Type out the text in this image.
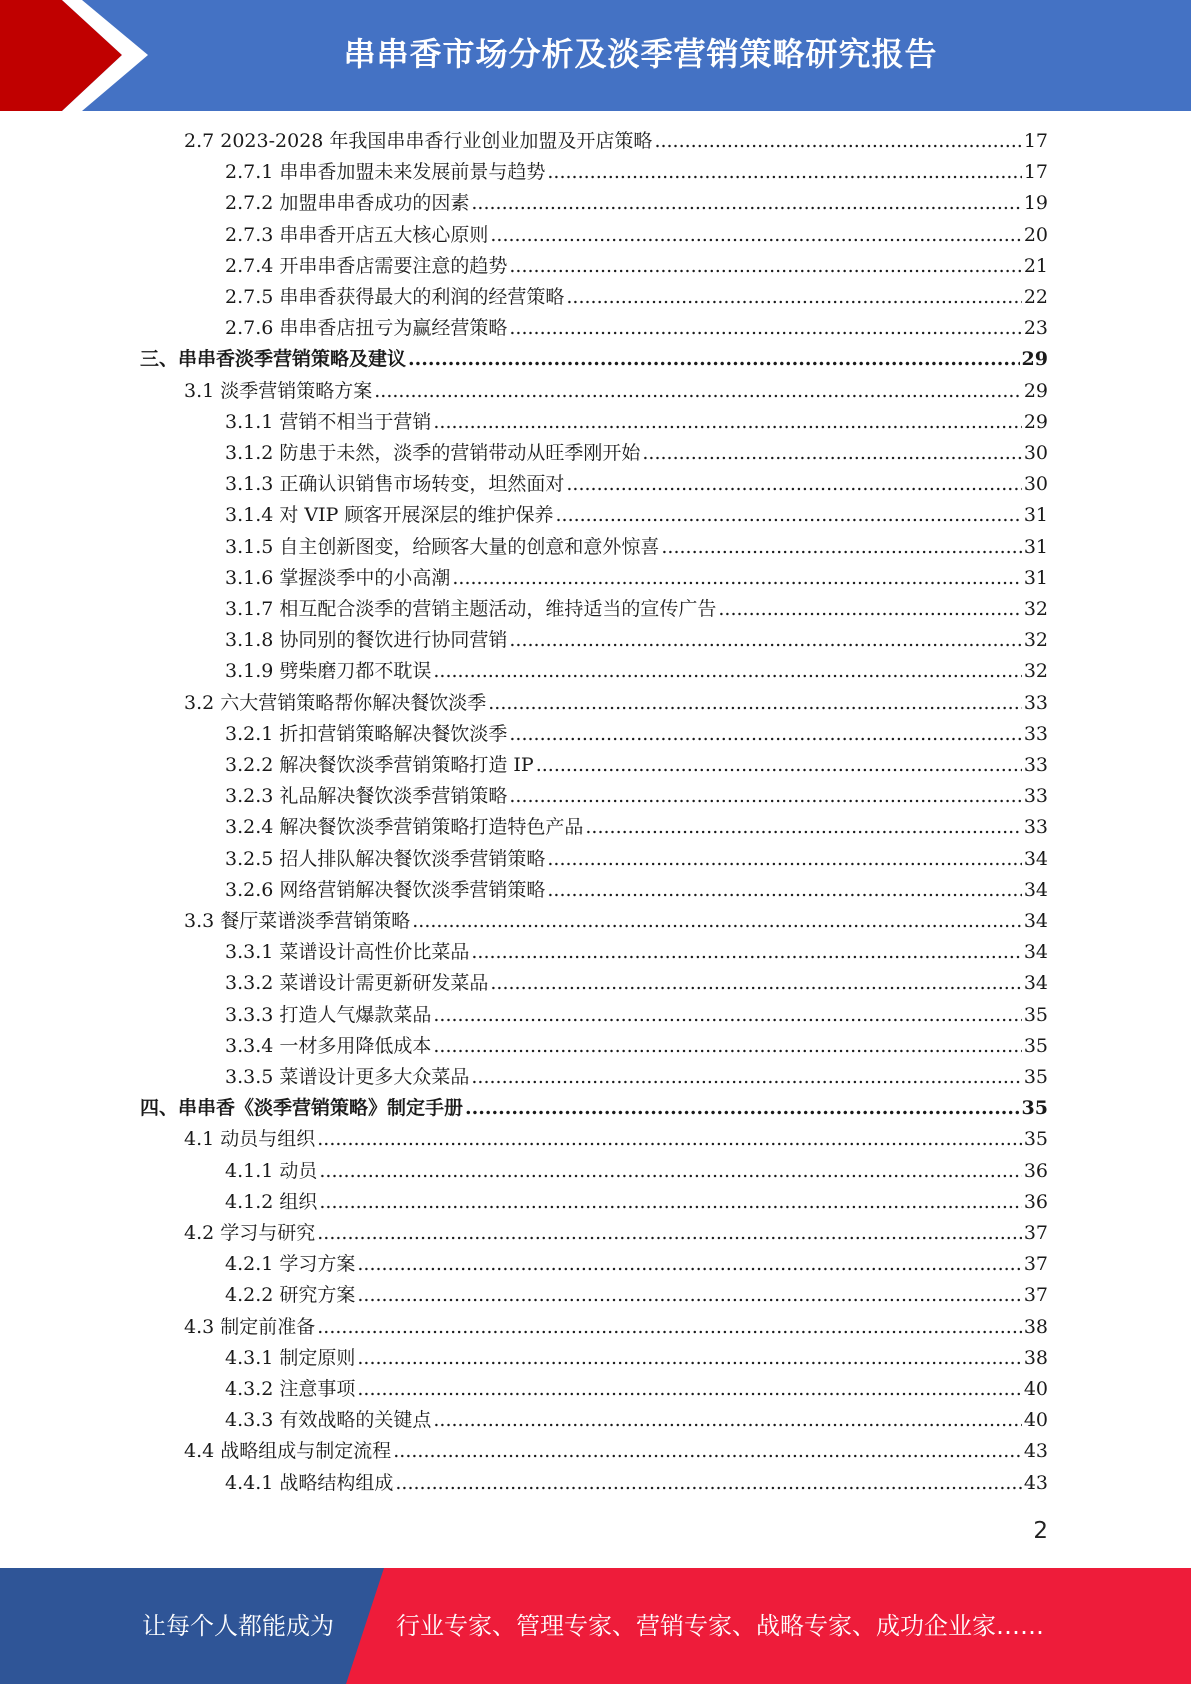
串串香市场分析及淡季营销策略研究报告
2.7 2023-2028 年我国串串香行业创业加盟及开店策略 .....	17
2.7.1 串串香加盟未来发展前景与趋势 .....	17
2.7.2 加盟串串香成功的因素 .....	19
2.7.3 串串香开店五大核心原则 .....	20
2.7.4 开串串香店需要注意的趋势 .....	21
2.7.5 串串香获得最大的利润的经营策略 .....	22
2.7.6 串串香店扭亏为赢经营策略 .....	23
三、串串香淡季营销策略及建议 .....	29
3.1 淡季营销策略方案 .....	29
3.1.1 营销不相当于营销 .....	29
3.1.2 防患于未然，淡季的营销带动从旺季刚开始 .....	30
3.1.3 正确认识销售市场转变，坦然面对 .....	30
3.1.4 对 VIP 顾客开展深层的维护保养 .....	31
3.1.5 自主创新图变，给顾客大量的创意和意外惊喜 .....	31
3.1.6 掌握淡季中的小高潮 .....	31
3.1.7 相互配合淡季的营销主题活动，维持适当的宣传广告 .....	32
3.1.8 协同别的餐饮进行协同营销 .....	32
3.1.9 劈柴磨刀都不耽误 .....	32
3.2 六大营销策略帮你解决餐饮淡季 .....	33
3.2.1 折扣营销策略解决餐饮淡季 .....	33
3.2.2 解决餐饮淡季营销策略打造 IP .....	33
3.2.3 礼品解决餐饮淡季营销策略 .....	33
3.2.4 解决餐饮淡季营销策略打造特色产品 .....	33
3.2.5 招人排队解决餐饮淡季营销策略 .....	34
3.2.6 网络营销解决餐饮淡季营销策略 .....	34
3.3 餐厅菜谱淡季营销策略 .....	34
3.3.1 菜谱设计高性价比菜品 .....	34
3.3.2 菜谱设计需更新研发菜品 .....	34
3.3.3 打造人气爆款菜品 .....	35
3.3.4 一材多用降低成本 .....	35
3.3.5 菜谱设计更多大众菜品 .....	35
四、串串香《淡季营销策略》制定手册 .....	35
4.1 动员与组织 .....	35
4.1.1 动员 .....	36
4.1.2 组织 .....	36
4.2 学习与研究 .....	37
4.2.1 学习方案 .....	37
4.2.2 研究方案 .....	37
4.3 制定前准备 .....	38
4.3.1 制定原则 .....	38
4.3.2 注意事项 .....	40
4.3.3 有效战略的关键点 .....	40
4.4 战略组成与制定流程 .....	43
4.4.1 战略结构组成 .....	43
2
让每个人都能成为	行业专家、管理专家、营销专家、战略专家、成功企业家……
